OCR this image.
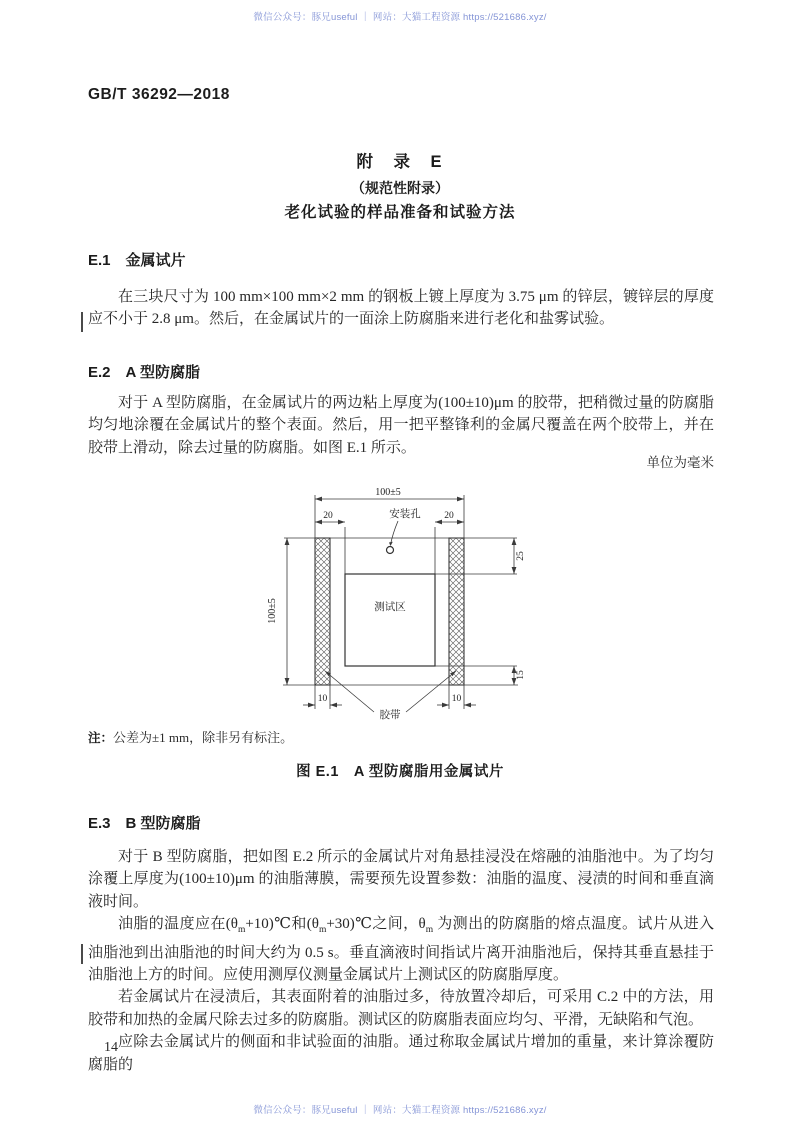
微信公众号：豚兄useful ｜ 网站：大猫工程资源 https://521686.xyz/
GB/T 36292—2018
附　录　E
（规范性附录）
老化试验的样品准备和试验方法
E.1　金属试片

在三块尺寸为 100 mm×100 mm×2 mm 的钢板上镀上厚度为 3.75 μm 的锌层，镀锌层的厚度应不小于 2.8 μm。然后，在金属试片的一面涂上防腐脂来进行老化和盐雾试验。

E.2　A 型防腐脂

对于 A 型防腐脂，在金属试片的两边粘上厚度为(100±10)μm 的胶带，把稍微过量的防腐脂均匀地涂覆在金属试片的整个表面。然后，用一把平整锋利的金属尺覆盖在两个胶带上，并在胶带上滑动，除去过量的防腐脂。如图 E.1 所示。

单位为毫米
100±5
20	20
安装孔
100±5
25
15
测试区
10	10
胶带
注：公差为±1 mm，除非另有标注。
图 E.1　A 型防腐脂用金属试片
E.3　B 型防腐脂

对于 B 型防腐脂，把如图 E.2 所示的金属试片对角悬挂浸没在熔融的油脂池中。为了均匀涂覆上厚度为(100±10)μm 的油脂薄膜，需要预先设置参数：油脂的温度、浸渍的时间和垂直滴液时间。

油脂的温度应在$(\theta_m+10)℃$和$(\theta_m+30)℃$之间，$\theta_m$ 为测出的防腐脂的熔点温度。试片从进入油脂池到出油脂池的时间大约为 0.5 s。垂直滴液时间指试片离开油脂池后，保持其垂直悬挂于油脂池上方的时间。应使用测厚仪测量金属试片上测试区的防腐脂厚度。

若金属试片在浸渍后，其表面附着的油脂过多，待放置冷却后，可采用 C.2 中的方法，用胶带和加热的金属尺除去过多的防腐脂。测试区的防腐脂表面应均匀、平滑，无缺陷和气泡。

应除去金属试片的侧面和非试验面的油脂。通过称取金属试片增加的重量，来计算涂覆防腐脂的

14
微信公众号：豚兄useful ｜ 网站：大猫工程资源 https://521686.xyz/
